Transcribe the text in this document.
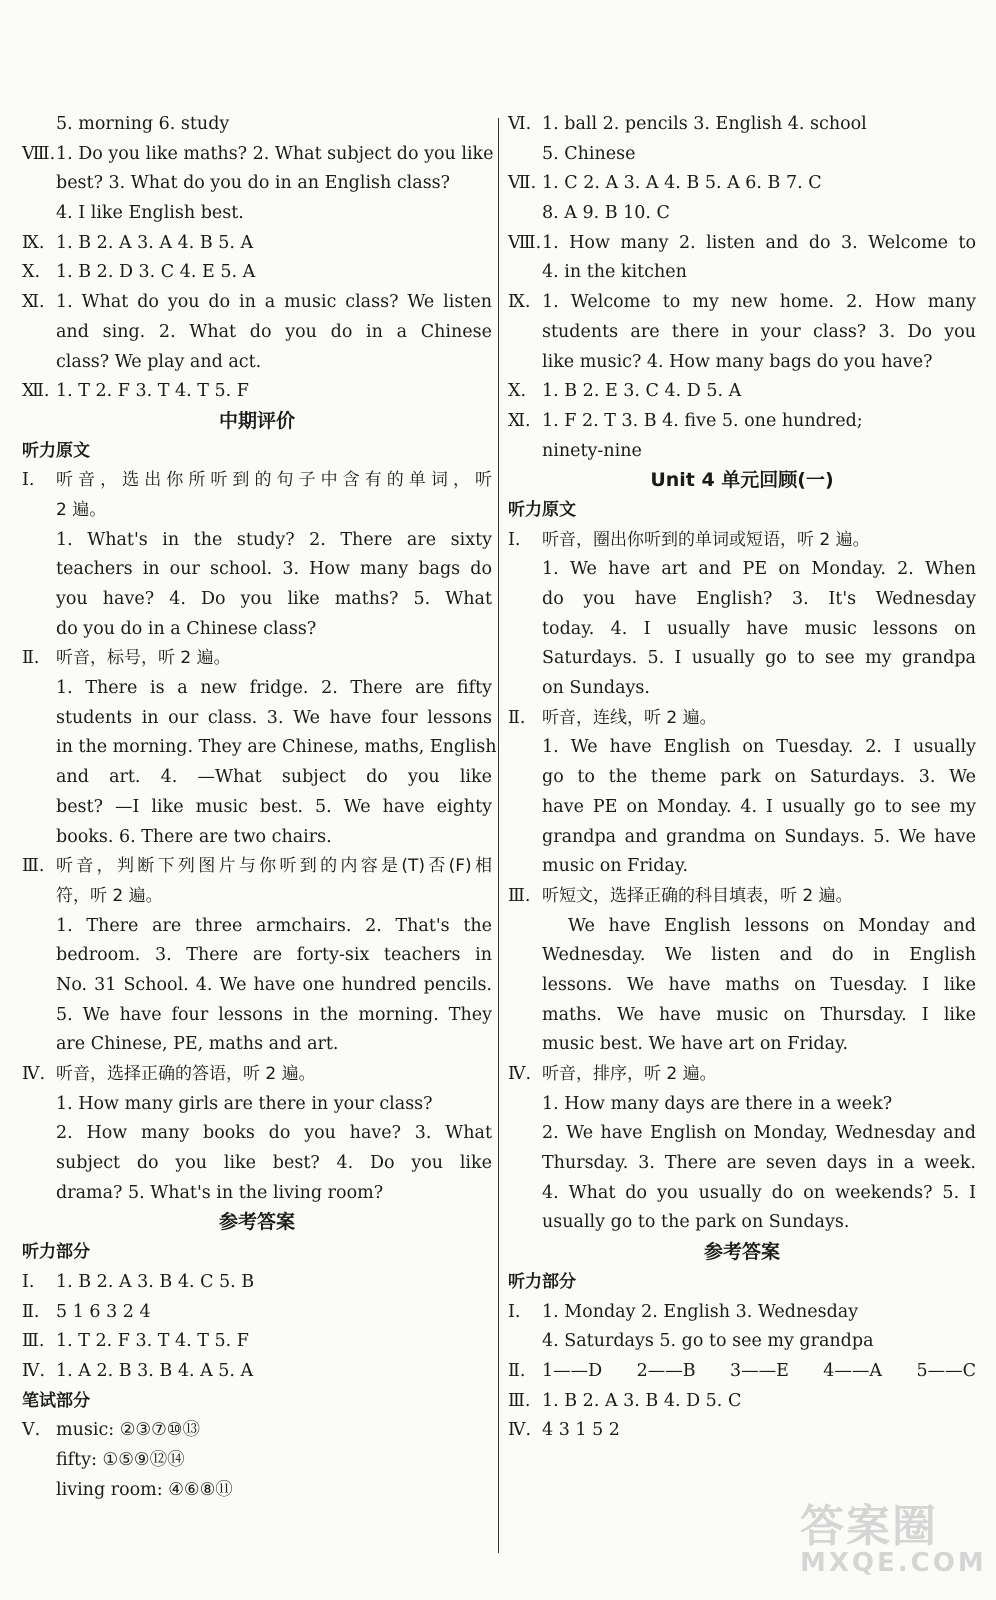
5. morning 6. study
Ⅷ. 1. Do you like maths? 2. What subject do you like
best? 3. What do you do in an English class?
4. I like English best.
Ⅸ. 1. B 2. A 3. A 4. B 5. A
Ⅹ. 1. B 2. D 3. C 4. E 5. A
Ⅺ. 1. What do you do in a music class? We listen
and sing. 2. What do you do in a Chinese
class? We play and act.
Ⅻ. 1. T 2. F 3. T 4. T 5. F
中期评价
听力原文
Ⅰ.	听音，选出你所听到的句子中含有的单词，听
2 遍。
1. What's in the study? 2. There are sixty
teachers in our school. 3. How many bags do
you have? 4. Do you like maths? 5. What
do you do in a Chinese class?
Ⅱ. 听音，标号，听 2 遍。
1. There is a new fridge. 2. There are fifty
students in our class. 3. We have four lessons
in the morning. They are Chinese, maths, English
and art. 4. —What subject do you like
best? —I like music best. 5. We have eighty
books. 6. There are two chairs.
Ⅲ. 听音，判断下列图片与你听到的内容是(T)否(F)相
符，听 2 遍。
1. There are three armchairs. 2. That's the
bedroom. 3. There are forty-six teachers in
No. 31 School. 4. We have one hundred pencils.
5. We have four lessons in the morning. They
are Chinese, PE, maths and art.
Ⅳ. 听音，选择正确的答语，听 2 遍。
1. How many girls are there in your class?
2. How many books do you have? 3. What
subject do you like best? 4. Do you like
drama? 5. What's in the living room?
参考答案
听力部分
Ⅰ.	1. B 2. A 3. B 4. C 5. B
Ⅱ. 5 1 6 3 2 4
Ⅲ. 1. T 2. F 3. T 4. T 5. F
Ⅳ. 1. A 2. B 3. B 4. A 5. A
笔试部分
Ⅴ. music: ②③⑦⑩⑬
fifty: ①⑤⑨⑫⑭
living room: ④⑥⑧⑪
Ⅵ. 1. ball 2. pencils 3. English 4. school
5. Chinese
Ⅶ. 1. C 2. A 3. A 4. B 5. A 6. B 7. C
8. A 9. B 10. C
Ⅷ. 1. How many 2. listen and do 3. Welcome to
4. in the kitchen
Ⅸ. 1. Welcome to my new home. 2. How many
students are there in your class? 3. Do you
like music? 4. How many bags do you have?
Ⅹ. 1. B 2. E 3. C 4. D 5. A
Ⅺ. 1. F 2. T 3. B 4. five 5. one hundred;
ninety-nine
Unit 4 单元回顾(一)
听力原文
Ⅰ.	听音，圈出你听到的单词或短语，听 2 遍。
1. We have art and PE on Monday. 2. When
do you have English? 3. It's Wednesday
today. 4. I usually have music lessons on
Saturdays. 5. I usually go to see my grandpa
on Sundays.
Ⅱ. 听音，连线，听 2 遍。
1. We have English on Tuesday. 2. I usually
go to the theme park on Saturdays. 3. We
have PE on Monday. 4. I usually go to see my
grandpa and grandma on Sundays. 5. We have
music on Friday.
Ⅲ. 听短文，选择正确的科目填表，听 2 遍。
We have English lessons on Monday and
Wednesday. We listen and do in English
lessons. We have maths on Tuesday. I like
maths. We have music on Thursday. I like
music best. We have art on Friday.
Ⅳ. 听音，排序，听 2 遍。
1. How many days are there in a week?
2. We have English on Monday, Wednesday and
Thursday. 3. There are seven days in a week.
4. What do you usually do on weekends? 5. I
usually go to the park on Sundays.
参考答案
听力部分
Ⅰ.	1. Monday 2. English 3. Wednesday
4. Saturdays 5. go to see my grandpa
Ⅱ. 1——D 2——B 3——E 4——A 5——C
Ⅲ. 1. B 2. A 3. B 4. D 5. C
Ⅳ. 4 3 1 5 2
答案圈
MXQE.COM
